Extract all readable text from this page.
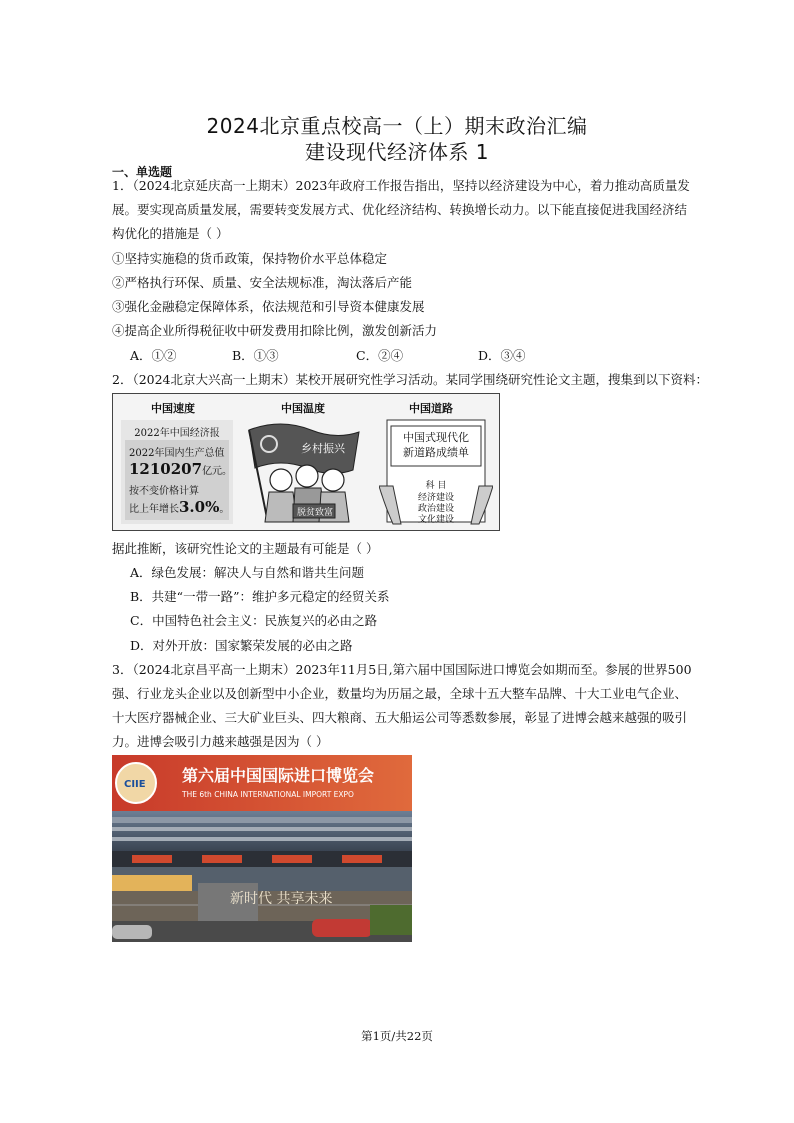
2024北京重点校高一（上）期末政治汇编
建设现代经济体系 1
一、单选题
1．（2024北京延庆高一上期末）2023年政府工作报告指出，坚持以经济建设为中心，着力推动高质量发
展。要实现高质量发展，需要转变发展方式、优化经济结构、转换增长动力。以下能直接促进我国经济结
构优化的措施是（ ）
①坚持实施稳的货币政策，保持物价水平总体稳定
②严格执行环保、质量、安全法规标准，淘汰落后产能
③强化金融稳定保障体系，依法规范和引导资本健康发展
④提高企业所得税征收中研发费用扣除比例，激发创新活力
A．①②	B．①③	C．②④	D．③④
2．（2024北京大兴高一上期末）某校开展研究性学习活动。某同学围绕研究性论文主题，搜集到以下资料：
中国速度	中国温度	中国道路
2022年中国经济报
2022年国内生产总值
1210207亿元。
按不变价格计算
比上年增长3.0%。
乡村振兴
脱贫致富
中国式现代化
新道路成绩单
科 目
经济建设
政治建设
文化建设
据此推断，该研究性论文的主题最有可能是（ ）
A．绿色发展：解决人与自然和谐共生问题
B．共建“一带一路”：维护多元稳定的经贸关系
C．中国特色社会主义：民族复兴的必由之路
D．对外开放：国家繁荣发展的必由之路
3．（2024北京昌平高一上期末）2023年11月5日,第六届中国国际进口博览会如期而至。参展的世界500
强、行业龙头企业以及创新型中小企业，数量均为历届之最，全球十五大整车品牌、十大工业电气企业、
十大医疗器械企业、三大矿业巨头、四大粮商、五大船运公司等悉数参展，彰显了进博会越来越强的吸引
力。进博会吸引力越来越强是因为（ ）
CIIE 第六届中国国际进口博览会
THE 6th CHINA INTERNATIONAL IMPORT EXPO
新时代 共享未来
第1页/共22页
